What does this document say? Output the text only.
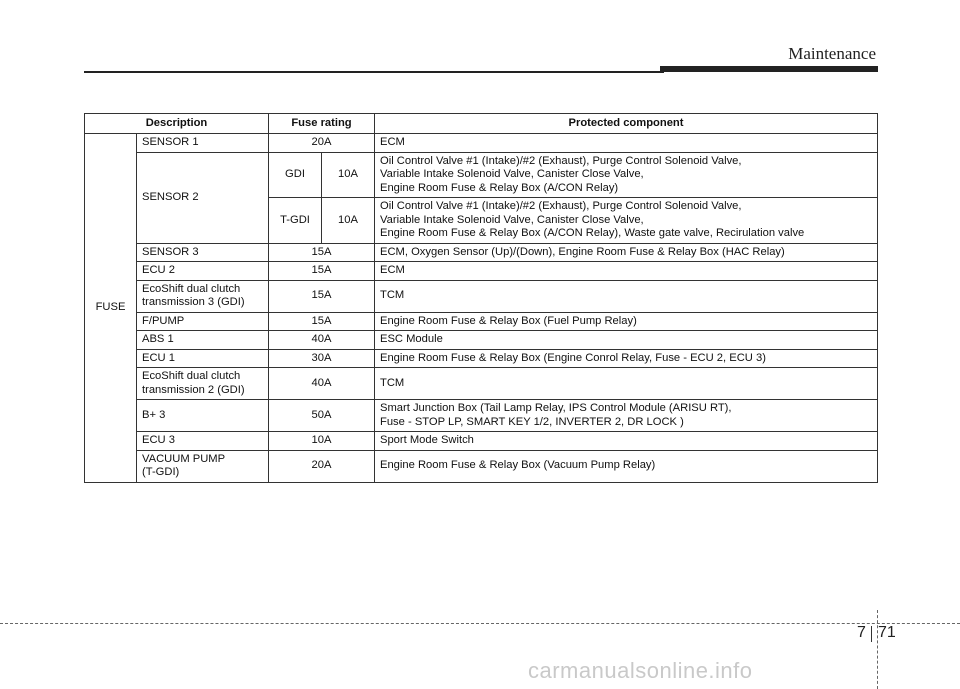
Maintenance
Description		Fuse rating		Protected component
FUSE	SENSOR 1	20A		ECM
	SENSOR 2	GDI	10A	Oil Control Valve #1 (Intake)/#2 (Exhaust), Purge Control Solenoid Valve,
Variable Intake Solenoid Valve, Canister Close Valve,
Engine Room Fuse & Relay Box (A/CON Relay)
		T-GDI	10A	Oil Control Valve #1 (Intake)/#2 (Exhaust), Purge Control Solenoid Valve,
Variable Intake Solenoid Valve, Canister Close Valve,
Engine Room Fuse & Relay Box (A/CON Relay), Waste gate valve, Recirulation valve
	SENSOR 3	15A		ECM, Oxygen Sensor (Up)/(Down), Engine Room Fuse & Relay Box (HAC Relay)
	ECU 2	15A		ECM
	EcoShift dual clutch
transmission 3 (GDI)	15A		TCM
	F/PUMP	15A		Engine Room Fuse & Relay Box (Fuel Pump Relay)
	ABS 1	40A		ESC Module
	ECU 1	30A		Engine Room Fuse & Relay Box (Engine Conrol Relay, Fuse - ECU 2, ECU 3)
	EcoShift dual clutch
transmission 2 (GDI)	40A		TCM
	B+ 3	50A		Smart Junction Box (Tail Lamp Relay, IPS Control Module (ARISU RT),
Fuse - STOP LP, SMART KEY 1/2, INVERTER 2, DR LOCK )
	ECU 3	10A		Sport Mode Switch
	VACUUM PUMP
(T-GDI)	20A		Engine Room Fuse & Relay Box (Vacuum Pump Relay)
7 71
carmanualsonline.info
